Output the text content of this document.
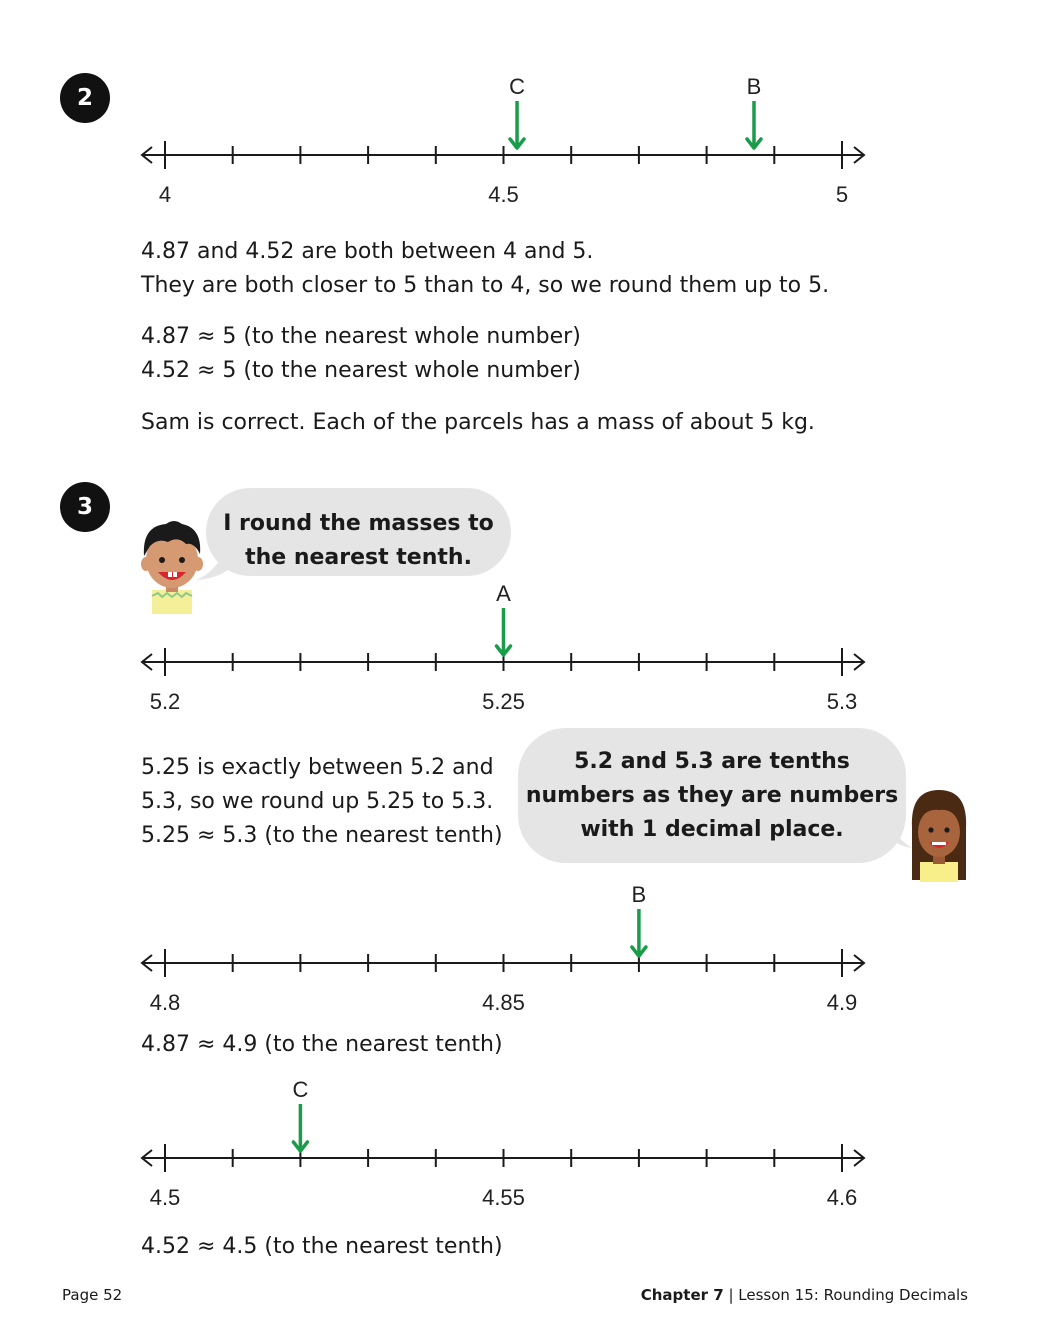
2
4	4.5	5
C	B
5.2	5.25	5.3
A
4.8	4.85	4.9
B
4.5	4.55	4.6
C
4.87 and 4.52 are both between 4 and 5.
They are both closer to 5 than to 4, so we round them up to 5.
4.87 ≈ 5 (to the nearest whole number)
4.52 ≈ 5 (to the nearest whole number)
Sam is correct. Each of the parcels has a mass of about 5 kg.
3
I round the masses to
the nearest tenth.
5.25 is exactly between 5.2 and
5.3, so we round up 5.25 to 5.3.
5.25 ≈ 5.3 (to the nearest tenth)
5.2 and 5.3 are tenths
numbers as they are numbers
with 1 decimal place.
4.87 ≈ 4.9 (to the nearest tenth)
4.52 ≈ 4.5 (to the nearest tenth)
Page 52	Chapter 7 | Lesson 15: Rounding Decimals
